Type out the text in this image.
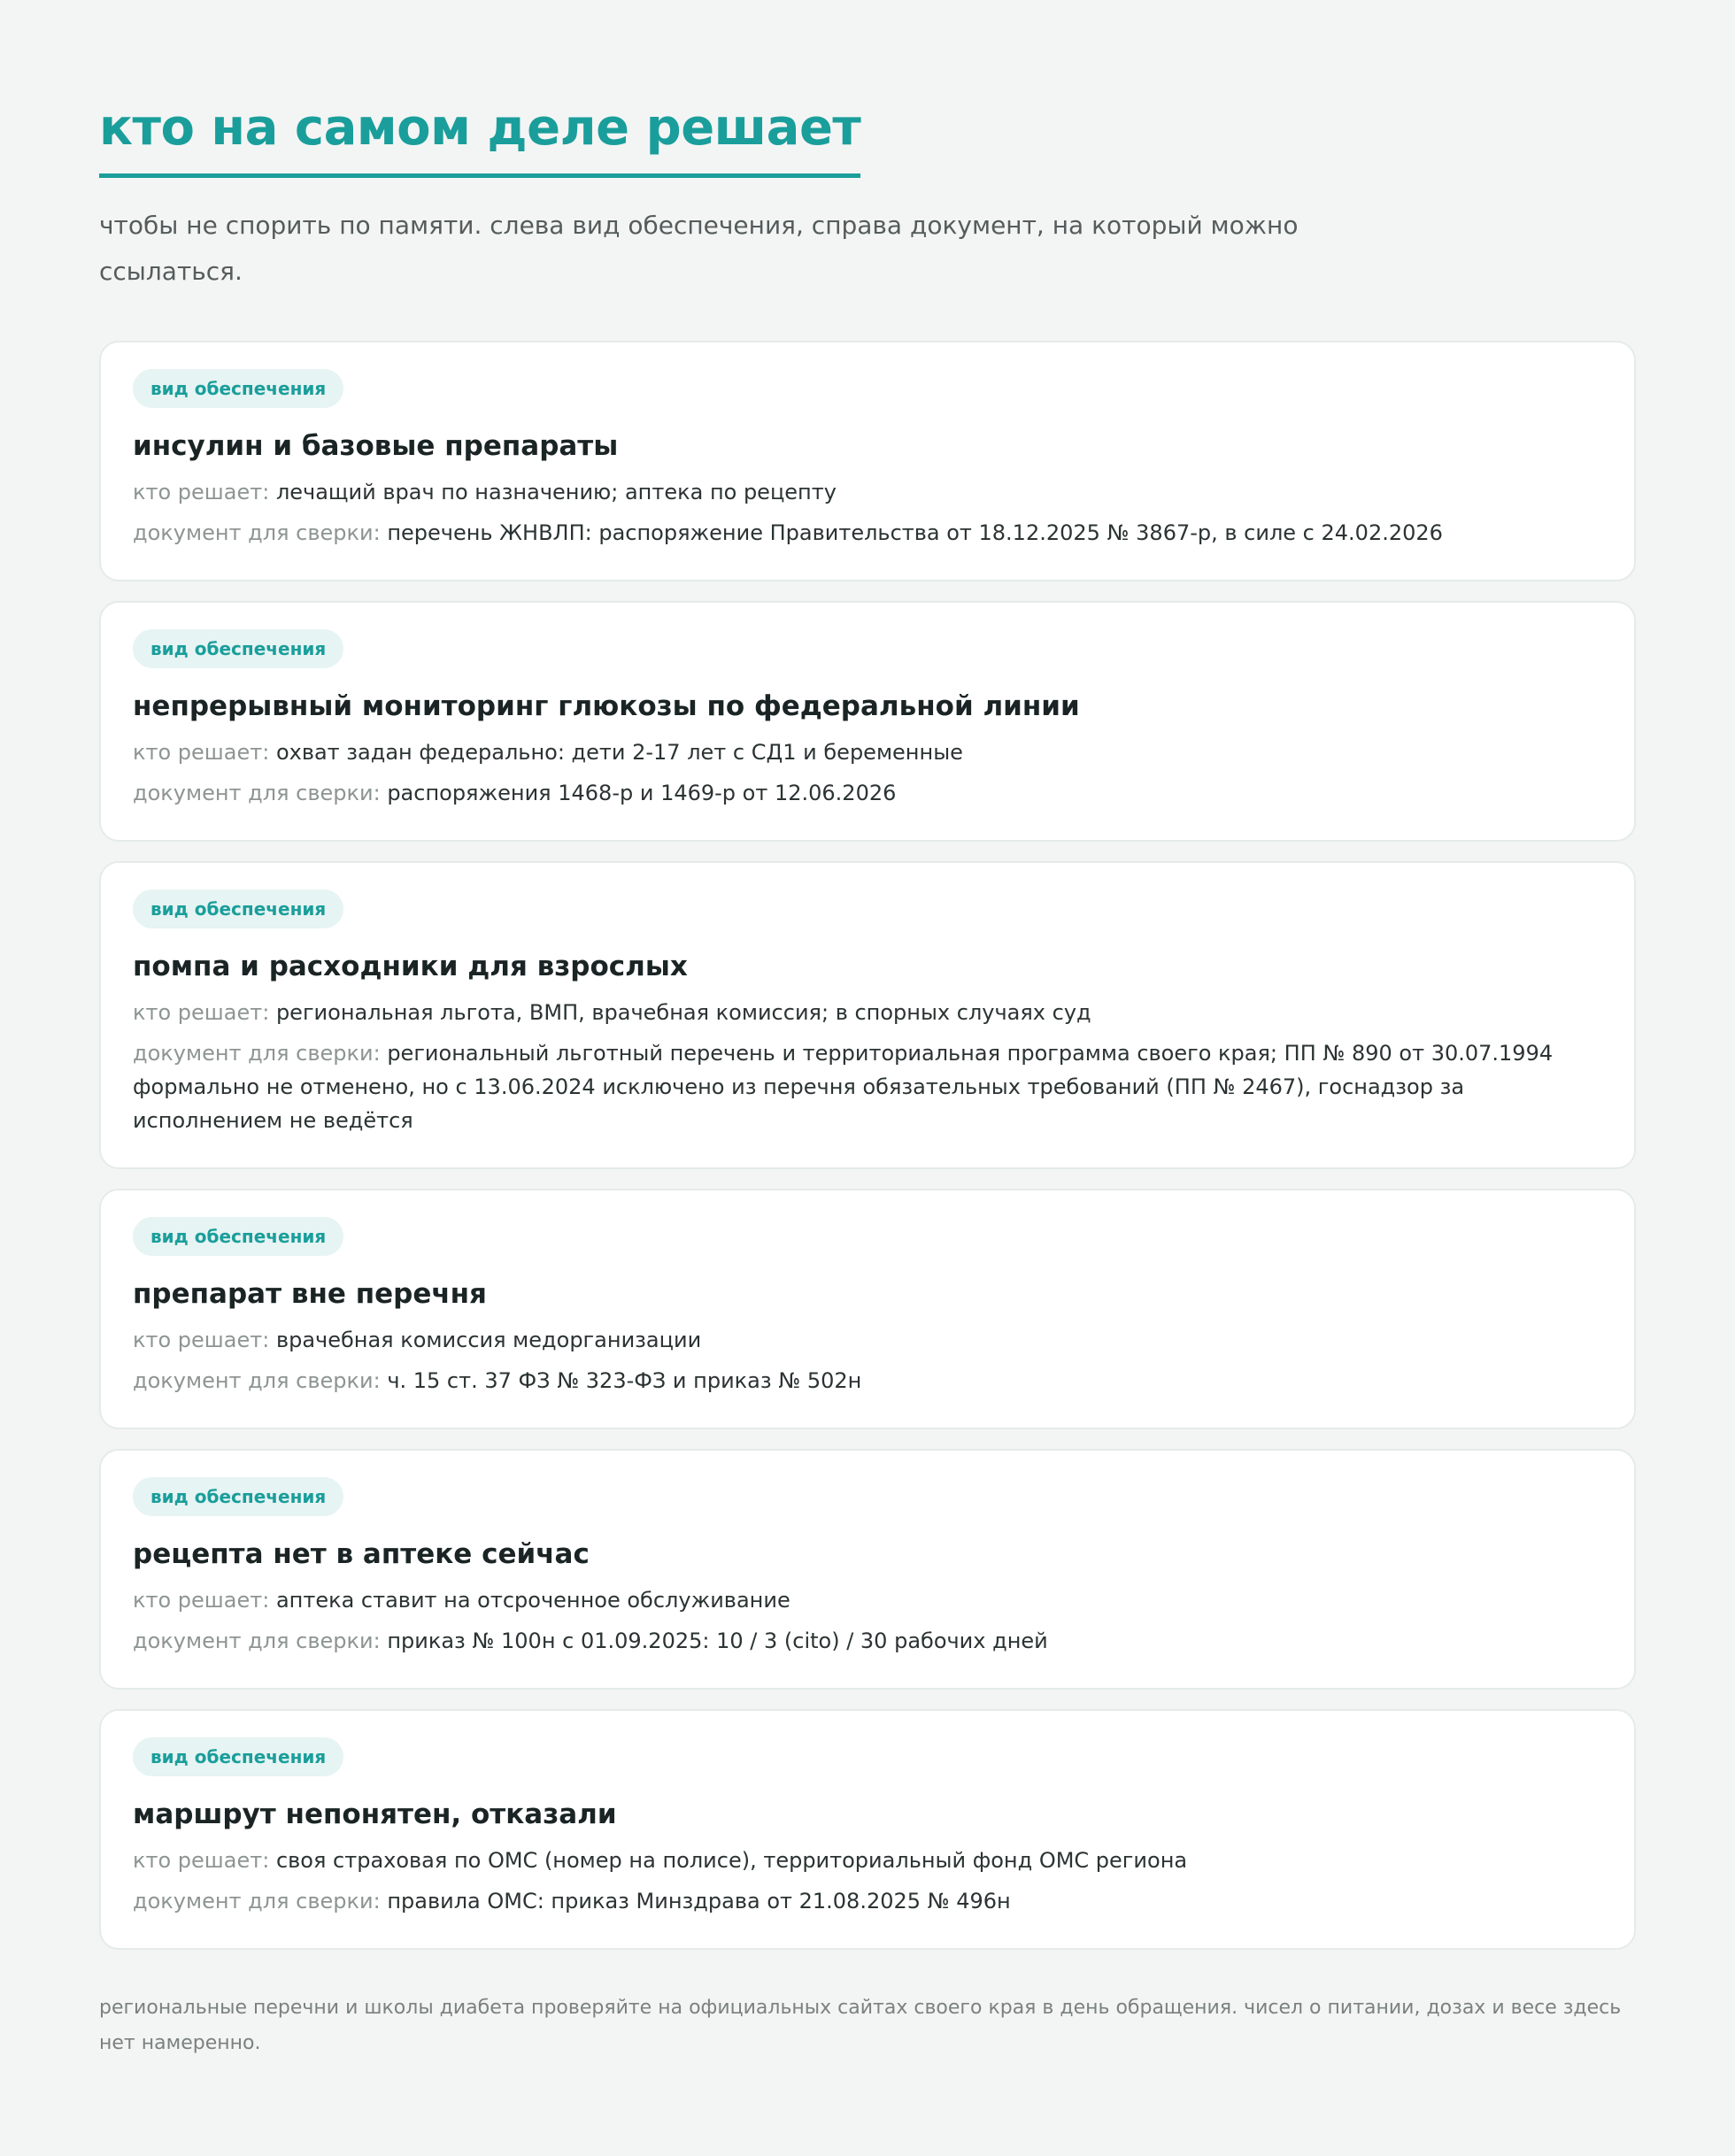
кто на самом деле решает

чтобы не спорить по памяти. слева вид обеспечения, справа документ, на который можно ссылаться.

вид обеспечения
инсулин и базовые препараты
кто решает: лечащий врач по назначению; аптека по рецепту
документ для сверки: перечень ЖНВЛП: распоряжение Правительства от 18.12.2025 № 3867-р, в силе с 24.02.2026
вид обеспечения
непрерывный мониторинг глюкозы по федеральной линии
кто решает: охват задан федерально: дети 2-17 лет с СД1 и беременные
документ для сверки: распоряжения 1468-р и 1469-р от 12.06.2026
вид обеспечения
помпа и расходники для взрослых
кто решает: региональная льгота, ВМП, врачебная комиссия; в спорных случаях суд
документ для сверки: региональный льготный перечень и территориальная программа своего края; ПП № 890 от 30.07.1994 формально не отменено, но с 13.06.2024 исключено из перечня обязательных требований (ПП № 2467), госнадзор за исполнением не ведётся
вид обеспечения
препарат вне перечня
кто решает: врачебная комиссия медорганизации
документ для сверки: ч. 15 ст. 37 ФЗ № 323-ФЗ и приказ № 502н
вид обеспечения
рецепта нет в аптеке сейчас
кто решает: аптека ставит на отсроченное обслуживание
документ для сверки: приказ № 100н с 01.09.2025: 10 / 3 (cito) / 30 рабочих дней
вид обеспечения
маршрут непонятен, отказали
кто решает: своя страховая по ОМС (номер на полисе), территориальный фонд ОМС региона
документ для сверки: правила ОМС: приказ Минздрава от 21.08.2025 № 496н

региональные перечни и школы диабета проверяйте на официальных сайтах своего края в день обращения. чисел о питании, дозах и весе здесь нет намеренно.
